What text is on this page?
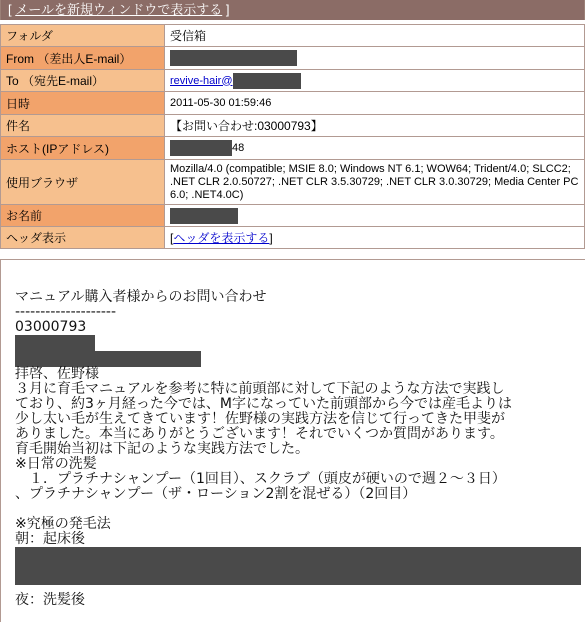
[ メールを新規ウィンドウで表示する ]
フォルダ	受信箱
From （差出人E-mail）	
To （宛先E-mail）	revive-hair@
日時	2011-05-30 01:59:46
件名	【お問い合わせ:03000793】
ホスト(IPアドレス)	48
使用ブラウザ	Mozilla/4.0 (compatible; MSIE 8.0; Windows NT 6.1; WOW64; Trident/4.0; SLCC2; .NET CLR 2.0.50727; .NET CLR 3.5.30729; .NET CLR 3.0.30729; Media Center PC 6.0; .NET4.0C)
お名前	
ヘッダ表示	[ヘッダを表示する]
マニュアル購入者様からのお問い合わせ
--------------------
03000793
拝啓、佐野様
３月に育毛マニュアルを参考に特に前頭部に対して下記のような方法で実践し
ており、約3ヶ月経った今では、M字になっていた前頭部から今では産毛よりは
少し太い毛が生えてきています！佐野様の実践方法を信じて行ってきた甲斐が
ありました。本当にありがとうございます！それでいくつか質問があります。
育毛開始当初は下記のような実践方法でした。
※日常の洗髪
　１．プラチナシャンプー（1回目）、スクラブ（頭皮が硬いので週２〜３日）
、プラチナシャンプー（ザ・ローション2割を混ぜる）（2回目）
※究極の発毛法
朝：起床後
夜：洗髪後
